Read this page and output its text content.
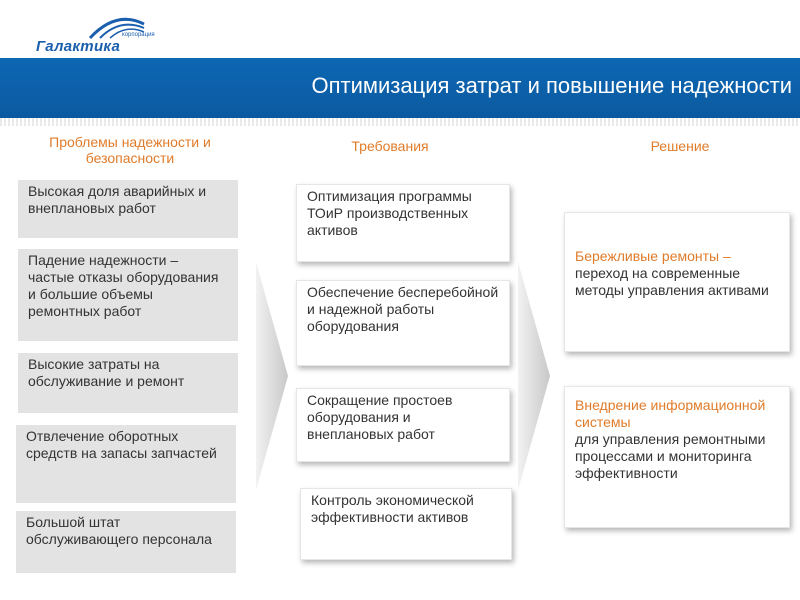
корпорация
Галактика
Оптимизация затрат и повышение надежности
Проблемы надежности и безопасности
Требования	Решение
Высокая доля аварийных и внеплановых работ
Падение надежности – частые отказы оборудования и большие объемы ремонтных работ
Высокие затраты на обслуживание и ремонт
Отвлечение оборотных средств на запасы запчастей
Большой штат обслуживающего персонала
Оптимизация программы ТОиР производственных активов
Обеспечение бесперебойной и надежной работы оборудования
Сокращение простоев оборудования и внеплановых работ
Контроль экономической эффективности активов
Бережливые ремонты – переход на современные методы управления активами
Внедрение информационной системы
для управления ремонтными процессами и мониторинга эффективности
